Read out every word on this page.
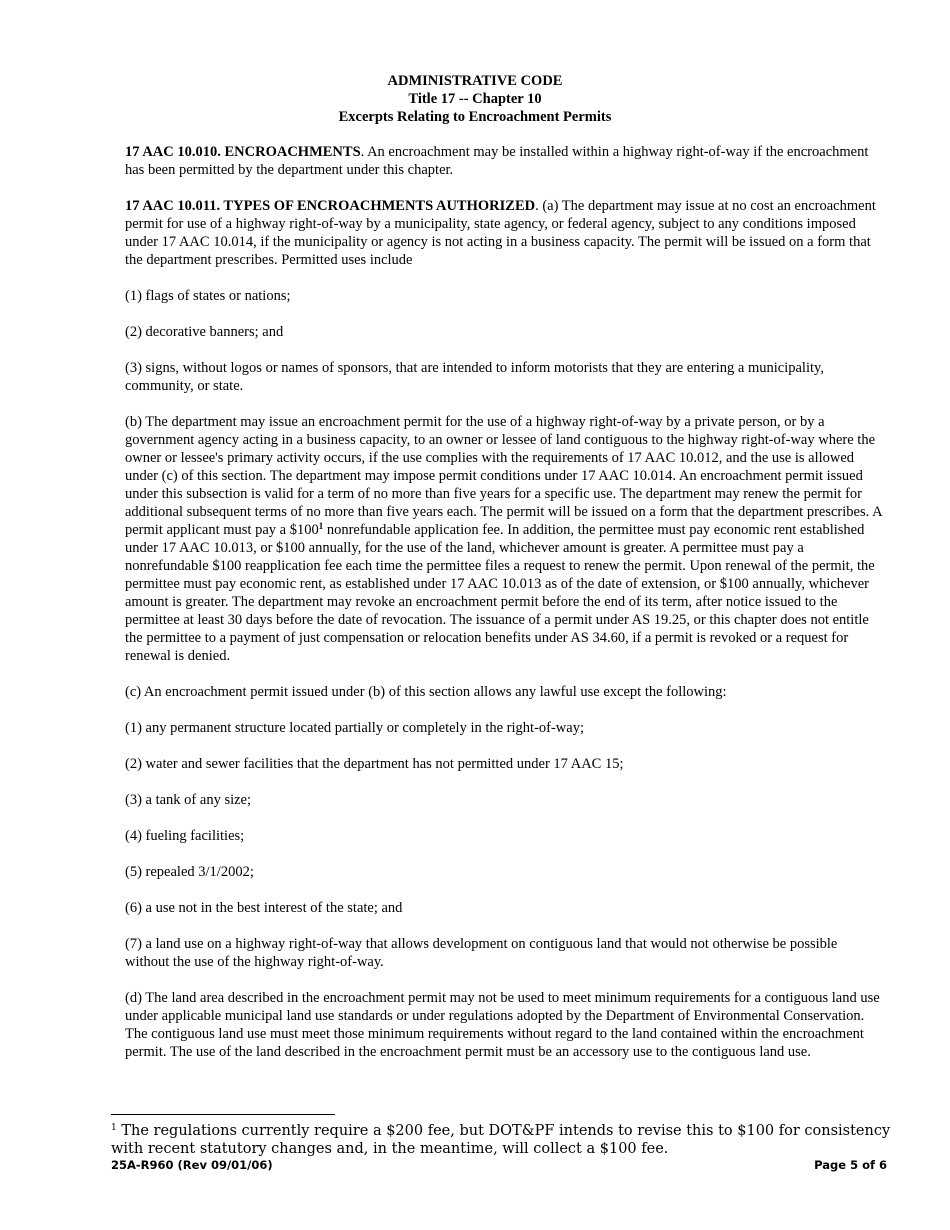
ADMINISTRATIVE CODE
Title 17 -- Chapter 10
Excerpts Relating to Encroachment Permits

17 AAC 10.010. ENCROACHMENTS. An encroachment may be installed within a highway right-of-way if the encroachment has been permitted by the department under this chapter.

17 AAC 10.011. TYPES OF ENCROACHMENTS AUTHORIZED. (a) The department may issue at no cost an encroachment permit for use of a highway right-of-way by a municipality, state agency, or federal agency, subject to any conditions imposed under 17 AAC 10.014, if the municipality or agency is not acting in a business capacity. The permit will be issued on a form that the department prescribes. Permitted uses include

(1) flags of states or nations;

(2) decorative banners; and

(3) signs, without logos or names of sponsors, that are intended to inform motorists that they are entering a municipality, community, or state.

(b) The department may issue an encroachment permit for the use of a highway right-of-way by a private person, or by a government agency acting in a business capacity, to an owner or lessee of land contiguous to the highway right-of-way where the owner or lessee's primary activity occurs, if the use complies with the requirements of 17 AAC 10.012, and the use is allowed under (c) of this section. The department may impose permit conditions under 17 AAC 10.014. An encroachment permit issued under this subsection is valid for a term of no more than five years for a specific use. The department may renew the permit for additional subsequent terms of no more than five years each. The permit will be issued on a form that the department prescribes. A permit applicant must pay a $\$100^1$ nonrefundable application fee. In addition, the permittee must pay economic rent established under 17 AAC 10.013, or $100 annually, for the use of the land, whichever amount is greater. A permittee must pay a nonrefundable $100 reapplication fee each time the permittee files a request to renew the permit. Upon renewal of the permit, the permittee must pay economic rent, as established under 17 AAC 10.013 as of the date of extension, or $100 annually, whichever amount is greater. The department may revoke an encroachment permit before the end of its term, after notice issued to the permittee at least 30 days before the date of revocation. The issuance of a permit under AS 19.25, or this chapter does not entitle the permittee to a payment of just compensation or relocation benefits under AS 34.60, if a permit is revoked or a request for renewal is denied.

(c) An encroachment permit issued under (b) of this section allows any lawful use except the following:

(1) any permanent structure located partially or completely in the right-of-way;

(2) water and sewer facilities that the department has not permitted under 17 AAC 15;

(3) a tank of any size;

(4) fueling facilities;

(5) repealed 3/1/2002;

(6) a use not in the best interest of the state; and

(7) a land use on a highway right-of-way that allows development on contiguous land that would not otherwise be possible without the use of the highway right-of-way.

(d) The land area described in the encroachment permit may not be used to meet minimum requirements for a contiguous land use under applicable municipal land use standards or under regulations adopted by the Department of Environmental Conservation. The contiguous land use must meet those minimum requirements without regard to the land contained within the encroachment permit. The use of the land described in the encroachment permit must be an accessory use to the contiguous land use.

$^1$ The regulations currently require a $200 fee, but DOT&PF intends to revise this to $100 for consistency with recent statutory changes and, in the meantime, will collect a $100 fee.
25A-R960 (Rev 09/01/06)	Page 5 of 6
